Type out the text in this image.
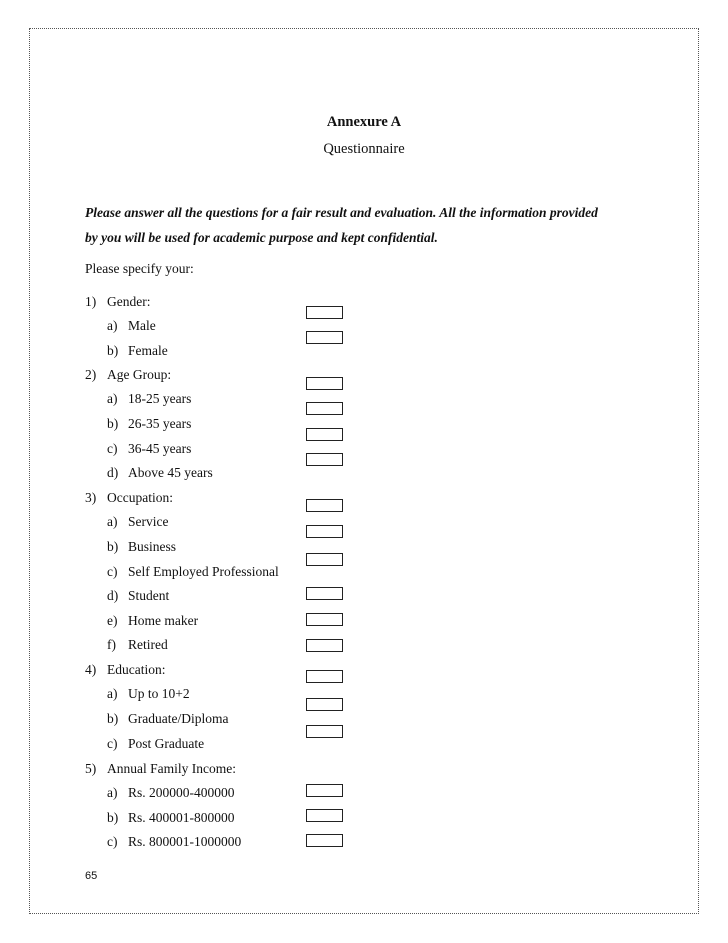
Annexure A
Questionnaire
Please answer all the questions for a fair result and evaluation. All the information provided
by you will be used for academic purpose and kept confidential.
Please specify your:
1) Gender:
a) Male
b) Female
2) Age Group:
a) 18-25 years
b) 26-35 years
c) 36-45 years
d) Above 45 years
3) Occupation:
a) Service
b) Business
c) Self Employed Professional
d) Student
e) Home maker
f) Retired
4) Education:
a) Up to 10+2
b) Graduate/Diploma
c) Post Graduate
5) Annual Family Income:
a) Rs. 200000-400000
b) Rs. 400001-800000
c) Rs. 800001-1000000
65
